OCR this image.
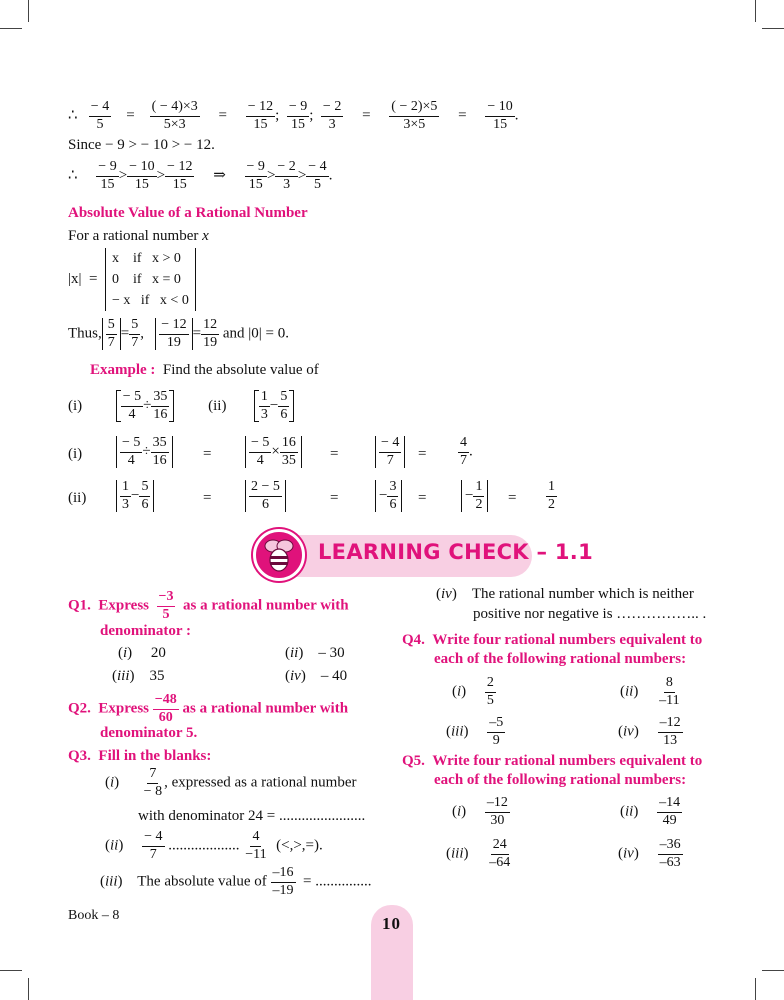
∴ $\frac{- 4}{5} = \frac{( - 4)\times 3}{5\times 3} = \frac{- 12}{15}$ ; $\frac{- 9}{15}$ ; $\frac{- 2}{3} = \frac{( - 2)\times 5}{3\times 5} = \frac{- 10}{15}$ .
Since − 9 > − 10 > − 12.
∴ $\frac{- 9}{15} > \frac{- 10}{15} > \frac{- 12}{15}$ ⇒ $\frac{- 9}{15} > \frac{- 2}{3} > \frac{- 4}{5}$ .
Absolute Value of a Rational Number
For a rational number x
|x|  =
x    if   x > 0
0    if   x = 0
− x   if   x < 0
Thus, $\frac{5}{7} = \frac{5}{7}$ , $\frac{- 12}{19} = \frac{12}{19}$ and |0| = 0.
Example : Find the absolute value of
(i)	$\frac{- 5}{4} \div \frac{35}{16}$	$(ii) \frac{1}{3} - \frac{5}{6}$
(i)	$\frac{- 5}{4} \div \frac{35}{16}$ =	$\frac{- 5}{4} \times \frac{16}{35}$ =	$\frac{- 4}{7} = \frac{4}{7}$ .
$(ii) \frac{1}{3} - \frac{5}{6}$	=	$\frac{2 - 5}{6}$	=	− $\frac{3}{6}$ =	− $\frac{1}{2} = \frac{1}{2}$
LEARNING CHECK – 1.1
Q1. Express $\frac{-3}{5}$ as a rational number with
denominator :
(i)     20	(ii)    – 30
(iii)    35	(iv)    – 40
Q2. Express $\frac{-48}{60}$ as a rational number with
denominator 5.
Q3. Fill in the blanks:
$(i) \frac{7}{- 8}$ , expressed as a rational number
with denominator 24 = .......................
$(ii) \frac{- 4}{7}$ ................... $\frac{4}{-11}$ (<,>,=).
(iii)    The absolute value of $\frac{-16}{-19}$ = ...............
(iv)    The rational number which is neither
positive nor negative is …………….. .
Q4. Write four rational numbers equivalent to
each of the following rational numbers:
$(i) \frac{2}{5}$	$(ii) \frac{8}{-11}$
$(iii) \frac{-5}{9}$	$(iv) \frac{-12}{13}$
Q5. Write four rational numbers equivalent to
each of the following rational numbers:
$(i) \frac{-12}{30}$	$(ii) \frac{-14}{49}$
$(iii) \frac{24}{-64}$	$(iv) \frac{-36}{-63}$
Book – 8	10
